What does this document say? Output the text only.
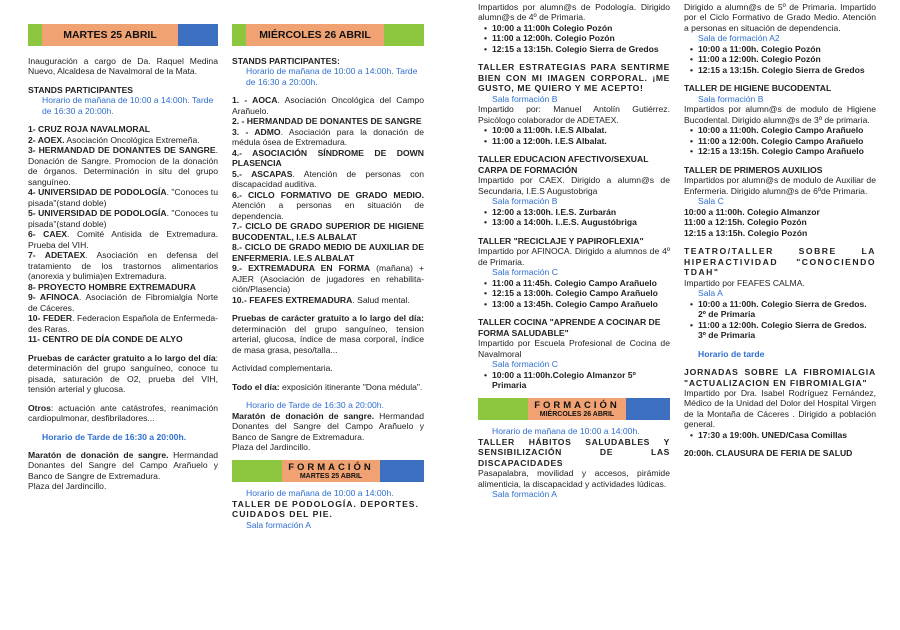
MARTES 25 ABRIL

Inauguración a cargo de Da. Raquel Medina Nuevo, Alcaldesa de Navalmoral de la Mata.

STANDS PARTICIPANTES

Horario de mañana de 10:00 a 14:00h. Tarde de 16:30 a 20:00h.

1- CRUZ ROJA NAVALMORAL

2- AOEX. Asociación Oncológica Extremeña.

3- HERMANDAD DE DONANTES DE SANGRE. Donación de Sangre. Promocion de la donación de órganos. Determinación in situ del grupo sanguíneo.

4- UNIVERSIDAD DE PODOLOGÍA. "Conoces tu pisada"(stand doble)

5- UNIVERSIDAD DE PODOLOGÍA. "Conoces tu pisada"(stand doble)

6- CAEX. Comité Antisida de Extremadura. Prueba del VIH.

7- ADETAEX. Asociación en defensa del tratamiento de los trastornos alimentarios (anorexia y bulimia)en Extremadura.

8- PROYECTO HOMBRE EXTREMADURA

9- AFINOCA. Asociación de Fibromialgia Norte de Cáceres.

10- FEDER. Federacion Española de Enfermeda-des Raras.

11- CENTRO DE DÍA CONDE DE ALYO

Pruebas de carácter gratuito a lo largo del día: determinación del grupo sanguíneo, conoce tu pisada, saturación de O2, prueba del VIH, tensión arterial y glucosa.

Otros: actuación ante catástrofes, reanimación cardiopulmonar, desfibriladores...

Horario de Tarde de 16:30 a 20:00h.

Maratón de donación de sangre. Hermandad Donantes del Sangre del Campo Arañuelo y Banco de Sangre de Extremadura.

Plaza del Jardincillo.

MIÉRCOLES 26 ABRIL

STANDS PARTICIPANTES:

Horario de mañana de 10:00 a 14:00h. Tarde de 16:30 a 20:00h.

1. - AOCA. Asociación Oncológica del Campo Arañuelo.

2. - HERMANDAD DE DONANTES DE SANGRE

3. - ADMO. Asociación para la donación de médula ósea de Extremadura.

4.- ASOCIACIÓN SÍNDROME DE DOWN PLASENCIA

5.- ASCAPAS. Atención de personas con discapacidad auditiva.

6.- CICLO FORMATIVO DE GRADO MEDIO. Atención a personas en situación de dependencia.

7.- CICLO DE GRADO SUPERIOR DE HIGIENE BUCODENTAL, I.E.S ALBALAT

8.- CICLO DE GRADO MEDIO DE AUXILIAR DE ENFERMERIA. I.E.S ALBALAT

9.- EXTREMADURA EN FORMA (mañana) + AJER (Asociación de jugadores en rehabilita-ción/Plasencia)

10.- FEAFES EXTREMADURA. Salud mental.

Pruebas de carácter gratuito a lo largo del día: determinación del grupo sanguíneo, tension arterial, glucosa, índice de masa corporal, índice de masa grasa, peso/talla...

Actividad complementaria.

Todo el día: exposición itinerante "Dona médula".

Horario de Tarde de 16:30 a 20:00h.

Maratón de donación de sangre. Hermandad Donantes del Sangre del Campo Arañuelo y Banco de Sangre de Extremadura.

Plaza del Jardincillo.

FORMACIÓN
MARTES 25 ABRIL

Horario de mañana de 10:00 a 14:00h.

TALLER DE PODOLOGÍA. DEPORTES. CUIDADOS DEL PIE.

Sala formación A

Impartidos por alumn@s de Podología. Dirigido alumn@s de 4º de Primaria.

• 10:00 a 11:00h Colegio Pozón

• 11:00 a 12:00h. Colegio Pozón

• 12:15 a 13:15h. Colegio Sierra de Gredos

TALLER ESTRATEGIAS PARA SENTIRME BIEN CON MI IMAGEN CORPORAL. ¡ME GUSTO, ME QUIERO Y ME ACEPTO!

Sala formación B

Impartido por: Manuel Antolín Gutiérrez. Psicólogo colaborador de ADETAEX.

• 10:00 a 11:00h. I.E.S Albalat.

• 11:00 a 12:00h. I.E.S Albalat.

TALLER EDUCACION AFECTIVO/SEXUAL CARPA DE FORMACIÓN

Impartido por CAEX. Dirigido a alumn@s de Secundaria, I.E.S Augustobriga

Sala formación B

• 12:00 a 13:00h. I.E.S. Zurbarán

• 13:00 a 14:00h. I..E.S. Augustóbriga

TALLER "RECICLAJE Y PAPIROFLEXIA"

Impartido por AFINOCA. Dirigido a alumnos de 4º de Primaria.

Sala formación C

• 11:00 a 11:45h. Colegio Campo Arañuelo

• 12:15 a 13:00h. Colegio Campo Arañuelo

• 13:00 a 13:45h. Colegio Campo Arañuelo

TALLER COCINA "APRENDE A COCINAR DE FORMA SALUDABLE"

Impartido por Escuela Profesional de Cocina de Navalmoral

Sala formación C

• 10:00 a 11:00h.Colegio Almanzor 5º Primaria

FORMACIÓN
MIÉRCOLES 26 ABRIL

Horario de mañana de 10:00 a 14:00h.

TALLER HÁBITOS SALUDABLES Y SENSIBILIZACIÓN DE LAS DISCAPACIDADES

Pasapalabra, movilidad y accesos, pirámide alimenticia, la discapacidad y actividades lúdicas.

Sala formación A

Dirigido a alumn@s de 5º de Primaria. Impartido por el Ciclo Formativo de Grado Medio. Atención a personas en situación de dependencia.

Sala de formación A2

• 10:00 a 11:00h. Colegio Pozón

• 11:00 a 12:00h. Colegio Pozón

• 12:15 a 13:15h. Colegio Sierra de Gredos

TALLER DE HIGIENE BUCODENTAL

Sala formación B

Impartidos por alumn@s de modulo de Higiene Bucodental. Dirigido alumn@s de 3º de primaria.

• 10:00 a 11:00h. Colegio Campo Arañuelo

• 11:00 a 12:00h. Colegio Campo Arañuelo

• 12:15 a 13:15h. Colegio Campo Arañuelo

TALLER DE PRIMEROS AUXILIOS

Impartidos por alumn@s de modulo de Auxiliar de Enfermeria. Dirigido alumn@s de 6ºde Primaria.

Sala C

10:00 a 11:00h. Colegio Almanzor

11:00 a 12:15h. Colegio Pozón

12:15 a 13:15h. Colegio Pozón

TEATRO/TALLER SOBRE LA HIPERACTIVIDAD "CONOCIENDO TDAH"

Impartido por FEAFES CALMA.

Sala A

• 10:00 a 11:00h. Colegio Sierra de Gredos. 2º de Primaria

• 11:00 a 12:00h. Colegio Sierra de Gredos. 3º de Primaria

Horario de tarde

JORNADAS SOBRE LA FIBROMIALGIA "ACTUALIZACION EN FIBROMIALGIA"

Impartido por Dra. Isabel Rodríguez Fernández, Médico de la Unidad del Dolor del Hospital Virgen de la Montaña de Cáceres . Dirigido a población general.

• 17:30 a 19:00h. UNED/Casa Comillas

20:00h. CLAUSURA DE FERIA DE SALUD
